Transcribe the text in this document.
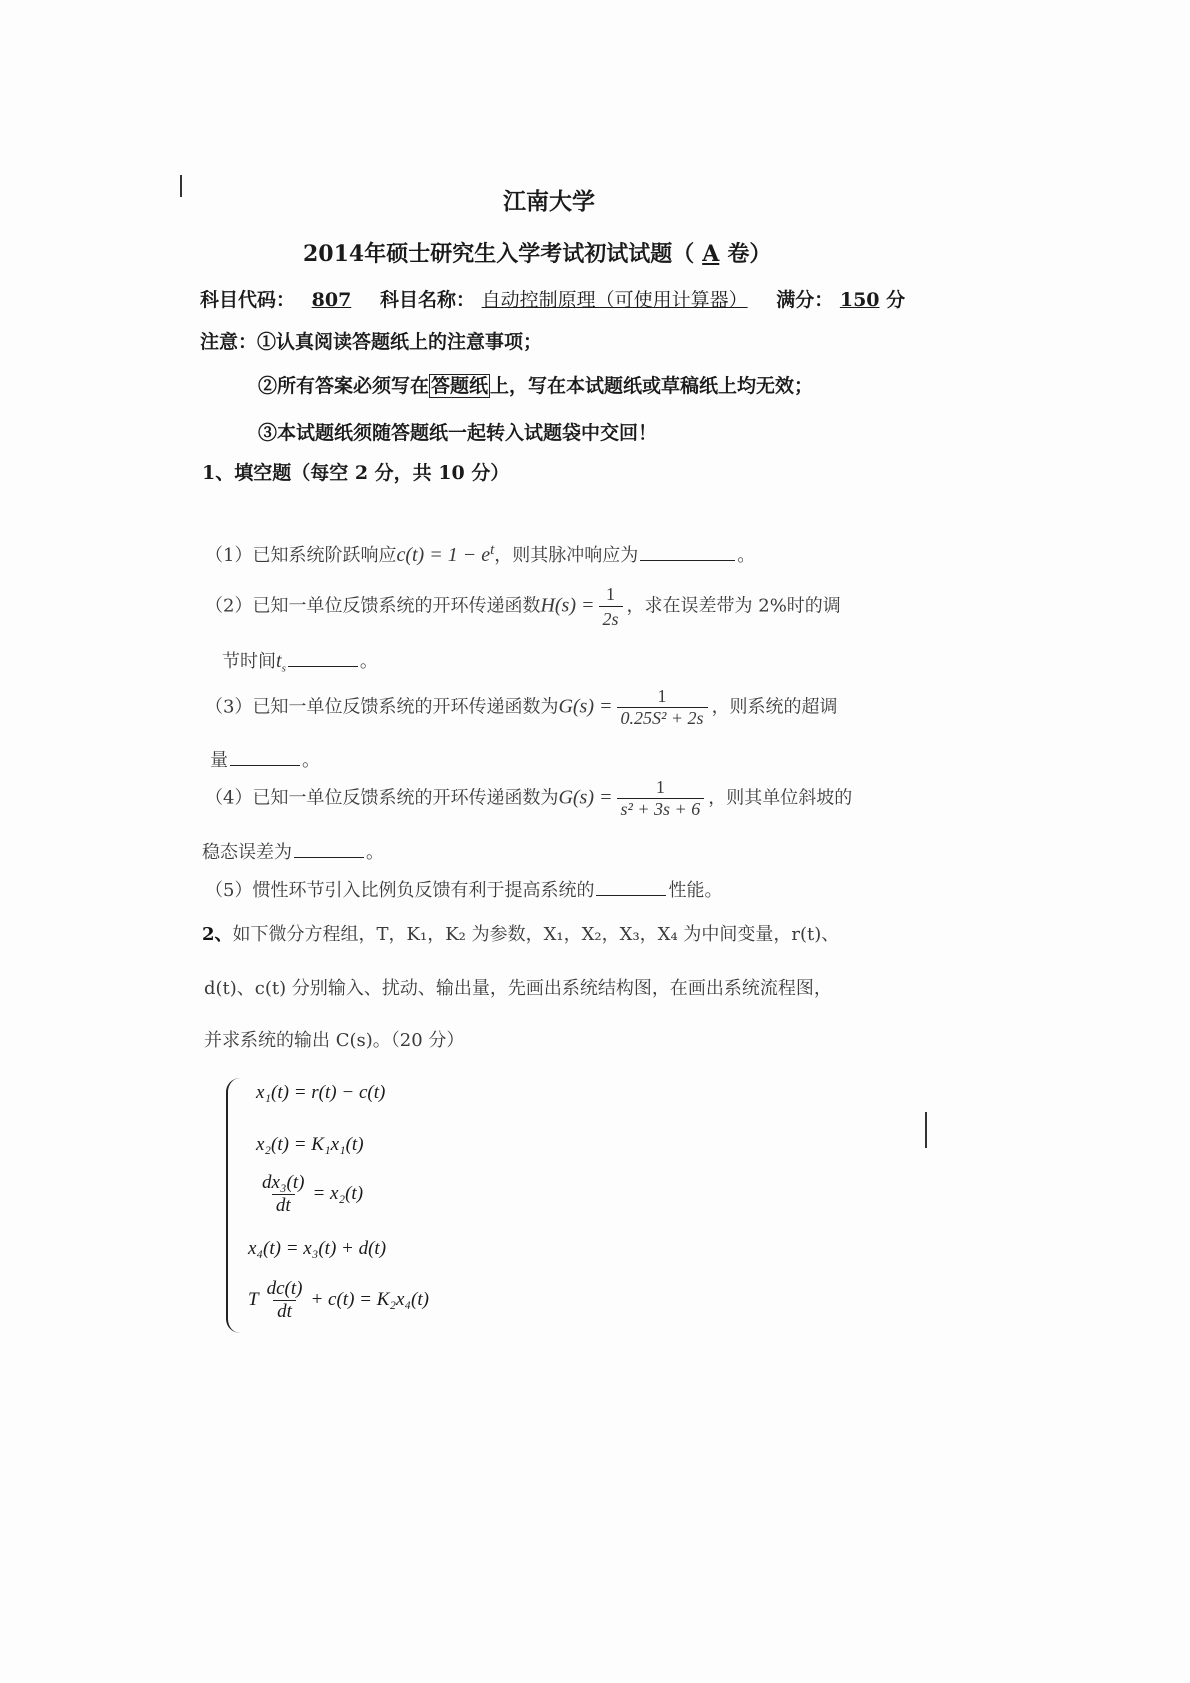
江南大学
2014年硕士研究生入学考试初试试题（ A 卷）
科目代码： 807 科目名称： 自动控制原理（可使用计算器） 满分： 150 分
注意：①认真阅读答题纸上的注意事项；
②所有答案必须写在 答题纸 上，写在本试题纸或草稿纸上均无效；
③本试题纸须随答题纸一起转入试题袋中交回！
1、填空题（每空 2 分，共 10 分）
（1）已知系统阶跃响应$c(t) = 1 - e^t$，则其脉冲响应为	。
（2）已知一单位反馈系统的开环传递函数$H(s) = \frac{1}{2s}$ ，求在误差带为 2%时的调
节时间$t_s$	。
（3）已知一单位反馈系统的开环传递函数为$G(s) = \frac{1}{\text{0.25S² + 2s}}$ ，则系统的超调
量	。
（4）已知一单位反馈系统的开环传递函数为$G(s) = \frac{1}{\text{s² + 3s + 6}}$ ，则其单位斜坡的
稳态误差为	。
（5）惯性环节引入比例负反馈有利于提高系统的	性能。
2、如下微分方程组，T，K₁，K₂ 为参数，X₁，X₂，X₃，X₄ 为中间变量，r(t)、
d(t)、c(t) 分别输入、扰动、输出量，先画出系统结构图，在画出系统流程图，
并求系统的输出 C(s)。（20 分）
x₁(t) = r(t) − c(t)
x₂(t) = K₁x₁(t)
$\frac{\text{dx₃(t)}}{dt} = x_2(t)$
x₄(t) = x₃(t) + d(t)
T $\frac{dc(t)}{dt} + c(t) = K_2x_4(t)$
